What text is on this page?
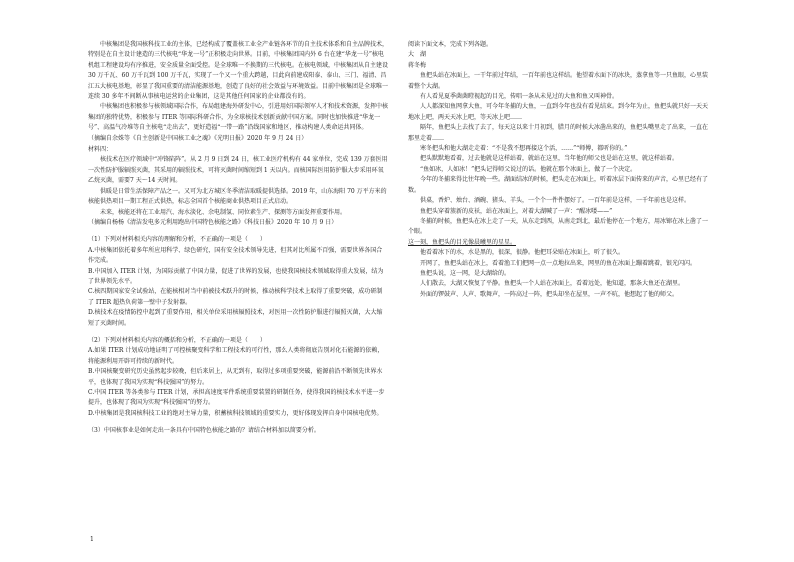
中核集团是我国核科技工业的主体，已经构成了覆盖核工业全产业链各环节的自主技术体系和自主品牌技术，特别是在自主设计建造的三代核电“华龙一号”正积极走向世界。目前，中核集团国内外 6 台在建“华龙一号”核电机组工程建设均有序推进，安全质量全面受控。是全球唯一不换期的三代核电。在核电领域，中核集团从自主建设 30 万千瓦、60 万千瓦到 100 万千瓦，实现了一个又一个重大跨越，目此向前建成阳泰、泰山、三门、福清、昌江五大核电基地，彰显了我国重要的清洁能源基地，创造了良好的社会效益与环境效益。目前中核集团是全球唯一连续 30 多年不间断从事核电运营的企业集团，这是其他任何国家的企业都没有的。

中核集团也积极参与核领域国际合作，布局组建海外研发中心，引进用好国际领军人才和技术资源，发挥中核集团的独特优势，积极参与 ITER 等国际科研合作，为全球核技术创新贡献中国方案。同时也加快推进“华龙一号”、高温气冷堆等自主核电“走出去”，更好造福“一带一路”沿线国家和地区，推动构建人类命运共同体。

（摘编自余姝等《自主创新是中国核工业之魂》《光明日报》2020 年 9 月 24 日）

材料四：

核技术在医疗领域中“冲锋陷阵”。从 2 月 9 日到 24 日，核工业医疗机构有 44 家单位，完成 139 万套医用一次性防护服辐照灭菌，其采用的辐照技术，可将灭菌时间缩短到 1 天以内。而核国际医用防护服大步采用环氧乙烷灭菌，需要7 天～14 天时间。

供暖是日常生活保障产品之一。又可为北方城区冬季清洁取暖提供选择。2019 年，山东海阳 70 万平方米的核能供热项目一期工程正式供热，标志全国首个核能商业供热项目正式启动。

未来，核能还将在工业用汽、海水淡化、余电制氢、同位素生产、探测等方面发挥重要作用。

（摘编自杨杨《清洁发电多元利用跑出中国特色核能之路》《科技日报》2020 年 10 月 9 日）

（1）下列对材料相关内容的理解和分析，不正确的一项是（　　）

A.中核集团依托着多年所应用科学、绿色研究，国有安全技术领导先进，但其对比所属不百强，需要世界各国合作完成。

B.中国加入 ITER 计划，为国际贡献了中国力量，促进了世界的发展，也使我国核技术领域取得重大发展，结为了世界领先水平。

C.核四期国家安全试验站，在能核相对当中前被技术跃升的时候，推动核科学技术上取得了重要突破，成功研制了 ITER 超热负荷第一壁中子发射器。

D.核技术在疫情防控中起到了重要作用，相关单位采用核辐照技术，对医用一次性防护服进行辐照灭菌，大大缩短了灭菌时间。

（2）下列对材料相关内容的概括和分析，不正确的一项是（　　）

A.如果 ITER 计划成功地证明了可控核聚变科学和工程技术的可行性，那么人类将彻底告别对化石能源的依赖，将能源利用开辟可持续的新时代。

B.中国核聚变研究历史虽然起步较晚，但后来居上，从无到有，取得过多项重要突破，能源前沿不断领先世界水平，也体现了我国为实现“科技强国”的努力。

C.中国 ITER 等各类参与 ITER 计划，承担高速度零件系统重要装置的研制任务，使得我国的核技术水平进一步提升，也体现了我国为实现“科技强国”的努力。

D.中核集团是我国核科技工业的绝对主导力量，积蓄核科技领域的重要实力，更好体现发挥自身中国核电优势。

（3）中国核事业是如何走出一条具有中国特色核能之路的？请结合材料加以简要分析。

1

阅读下面文本，完成下列各题。

大　湖

蒋冬梅

鱼把头站在冰面上，一干年前过年结，一百年前也这样结。他望着水面下的冰块，蒸拿鱼等一只鱼眼，心里装着整个大湖。

有人看见夏季菌菌瞪视起的目光，传唱一条从未见过的大鱼和鱼又叫神骨。

人人都深知鱼网拿大鱼，可今年冬捕的大鱼，一直到今年也没有看见结束。到今年为止，鱼把头就只好一天天地冰上吧，两天天冰上吧，等天冰上吧……

隔年，鱼把头上去找了去了，每天这以来十月初到，腊月的时候大冰凿出来的，鱼把头嘴里走了出来，一直在那里走着……

寒冬把头和他大湖走走着：“不是我不想再接这个活，……”“师傅，都听你的。”

把头默默地看着，过去他就是这样站着，就站在这里，当年他的师父也是站在这里，就这样站着。

“鱼如冰，人如冰！”把头记得师父说过的话。他就在那个冰面上，做了一个决定。

今年的冬捕来得比往年晚一些。湖面结冰的时候，把头走在冰面上，听着冰层下面传来的声音，心里已经有了数。

供桌，香炉、烛台、酒碗、猪头、羊头，一个个一件件摆好了。一百年前是这样，一千年前也是这样。

鱼把头穿着簇新的皮袄，站在冰面上，对着大湖喊了一声：“醒冰喽——”

冬捕的时候，鱼把头在冰上走了一天，从东走到西，从南走到北，最后他停在一个地方，用冰镩在冰上凿了一个眼。

这一刻，鱼把头的目光像晨曦里的星星。

他看着冰下的水，水是黑的，很深，很静。他把耳朵贴在冰面上，听了很久。

开网了，鱼把头站在冰上，看着渔工们把网一点一点地拉出来，网里的鱼在冰面上蹦着跳着，银光闪闪。

鱼把头说，这一网，是大湖给的。

人们散去，大湖又恢复了平静。鱼把头一个人站在冰面上，看着远处，他知道，那条大鱼还在湖里。

外面的锣鼓声、人声、歌舞声，一阵高过一阵，把头却坐在屋里，一声不吭，他想起了他的师父。
